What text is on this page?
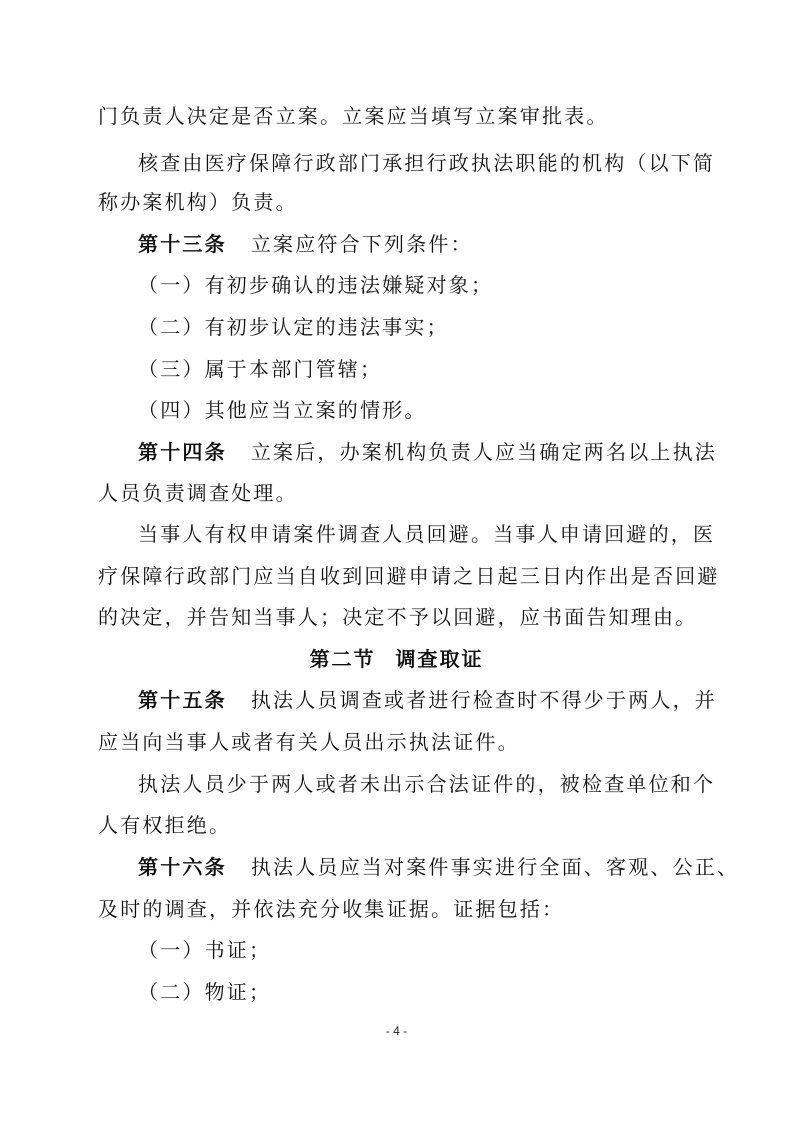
门负责人决定是否立案。立案应当填写立案审批表。
核查由医疗保障行政部门承担行政执法职能的机构（以下简
称办案机构）负责。
第十三条 立案应符合下列条件：
（一）有初步确认的违法嫌疑对象；
（二）有初步认定的违法事实；
（三）属于本部门管辖；
（四）其他应当立案的情形。
第十四条 立案后，办案机构负责人应当确定两名以上执法
人员负责调查处理。
当事人有权申请案件调查人员回避。当事人申请回避的，医
疗保障行政部门应当自收到回避申请之日起三日内作出是否回避
的决定，并告知当事人；决定不予以回避，应书面告知理由。
第二节 调查取证
第十五条 执法人员调查或者进行检查时不得少于两人，并
应当向当事人或者有关人员出示执法证件。
执法人员少于两人或者未出示合法证件的，被检查单位和个
人有权拒绝。
第十六条 执法人员应当对案件事实进行全面、客观、公正、
及时的调查，并依法充分收集证据。证据包括：
（一）书证；
（二）物证；
- 4 -
